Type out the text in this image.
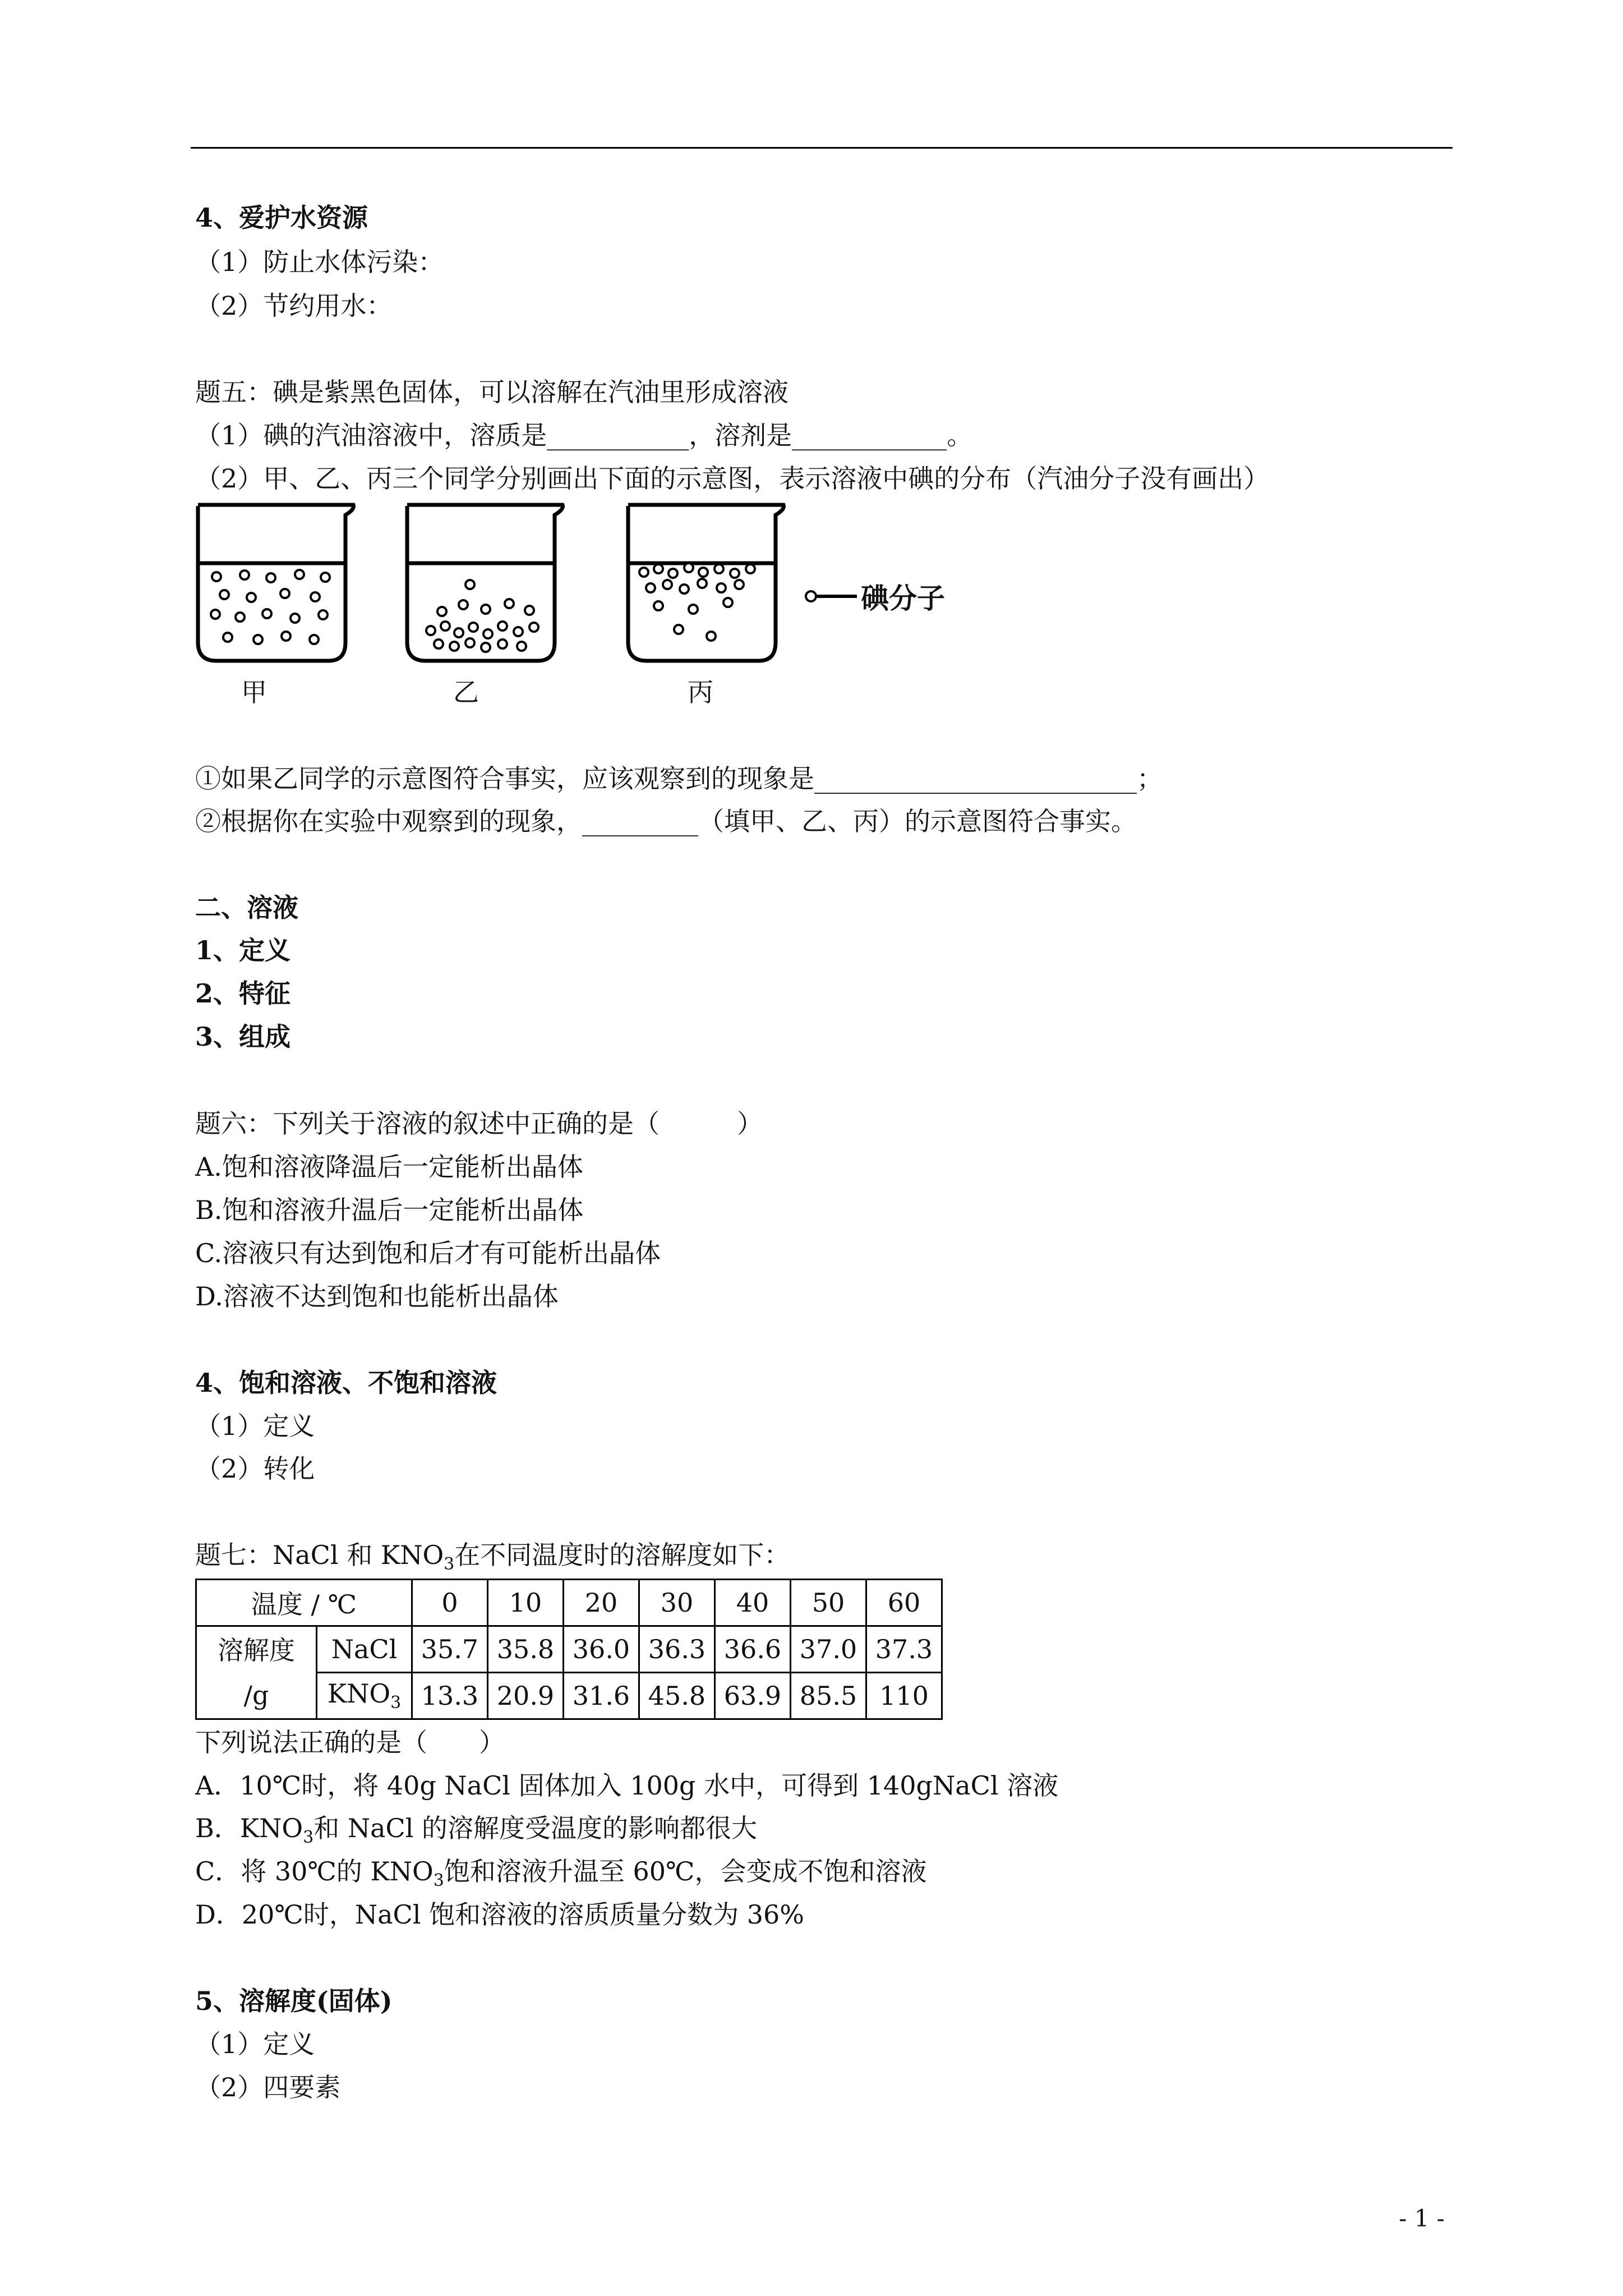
4、爱护水资源
（1）防止水体污染：
（2）节约用水：
题五：碘是紫黑色固体，可以溶解在汽油里形成溶液
（1）碘的汽油溶液中，溶质是___________，溶剂是____________。
（2）甲、乙、丙三个同学分别画出下面的示意图，表示溶液中碘的分布（汽油分子没有画出）
碘分子
甲	乙	丙
①如果乙同学的示意图符合事实，应该观察到的现象是_________________________；
②根据你在实验中观察到的现象，_________（填甲、乙、丙）的示意图符合事实。
二、溶液
1、定义
2、特征
3、组成
题六：下列关于溶液的叙述中正确的是（　　　）
A.饱和溶液降温后一定能析出晶体
B.饱和溶液升温后一定能析出晶体
C.溶液只有达到饱和后才有可能析出晶体
D.溶液不达到饱和也能析出晶体
4、饱和溶液、不饱和溶液
（1）定义
（2）转化
题七：NaCl 和 $KNO_3$在不同温度时的溶解度如下：
温度 / ℃		0	10	20	30	40	50	60
溶解度
/g	NaCl	35.7	35.8	36.0	36.3	36.6	37.0	37.3
	$KNO_3$	13.3	20.9	31.6	45.8	63.9	85.5	110
下列说法正确的是（　　）
A．10℃时，将 40g NaCl 固体加入 100g 水中，可得到 140gNaCl 溶液
B．$KNO_3$和 NaCl 的溶解度受温度的影响都很大
C．将 30℃的 $KNO_3$饱和溶液升温至 60℃，会变成不饱和溶液
D．20℃时，NaCl 饱和溶液的溶质质量分数为 36%
5、溶解度(固体)
（1）定义
（2）四要素
- 1 -
